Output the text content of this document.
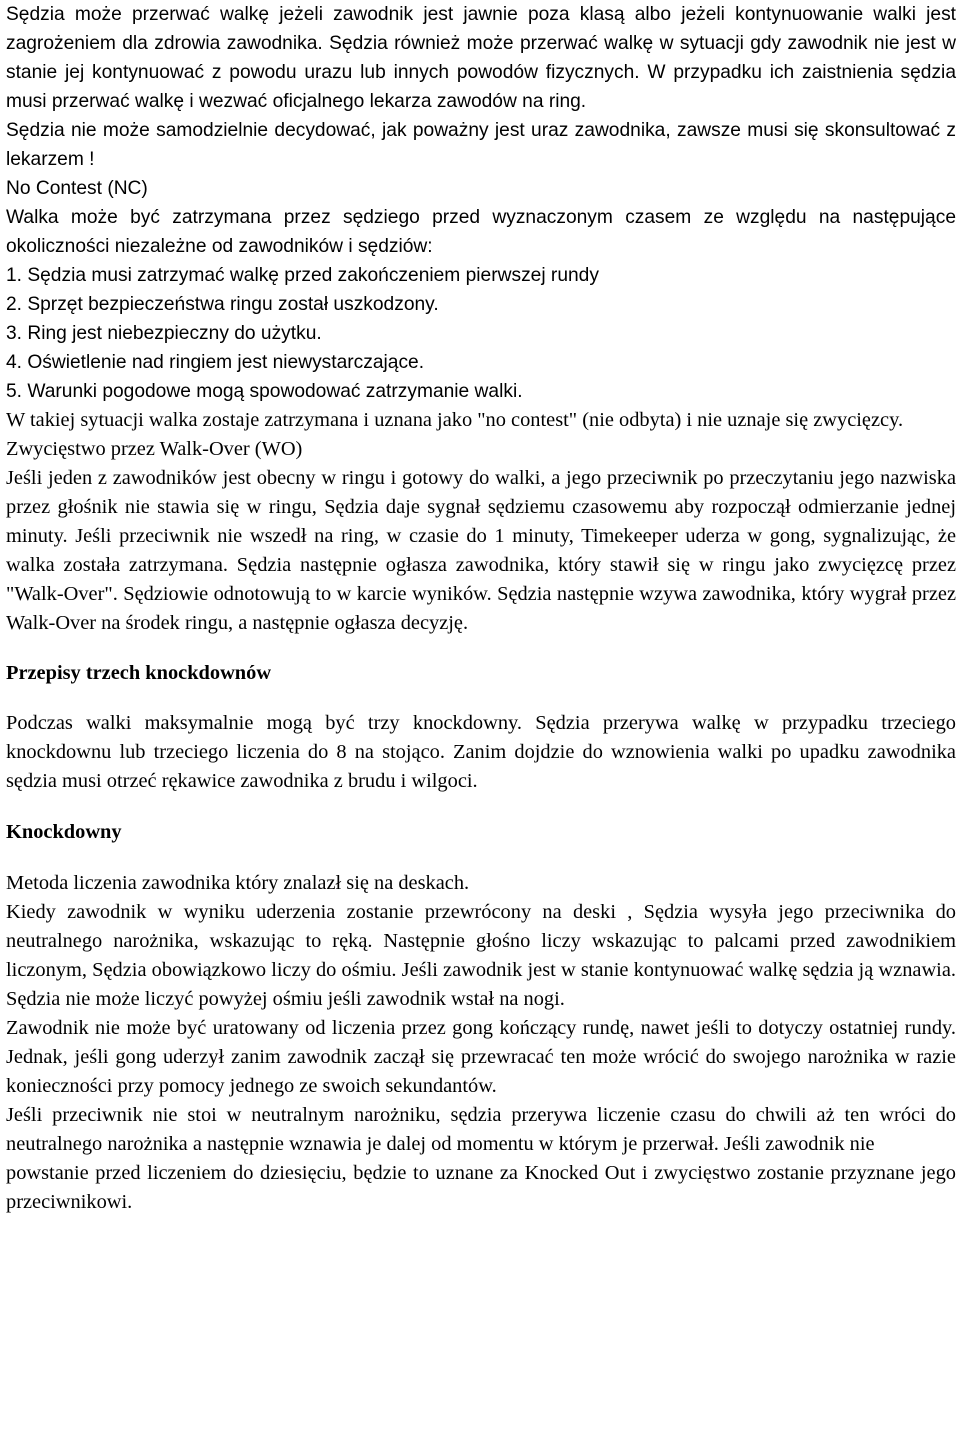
Sędzia może przerwać walkę jeżeli zawodnik jest jawnie poza klasą albo jeżeli kontynuowanie walki jest zagrożeniem dla zdrowia zawodnika. Sędzia również może przerwać walkę w sytuacji gdy zawodnik nie jest w stanie jej kontynuować z powodu urazu lub innych powodów fizycznych. W przypadku ich zaistnienia sędzia musi przerwać walkę i wezwać oficjalnego lekarza zawodów na ring.

Sędzia nie może samodzielnie decydować, jak poważny jest uraz zawodnika, zawsze musi się skonsultować z lekarzem !

No Contest (NC)

Walka może być zatrzymana przez sędziego przed wyznaczonym czasem ze względu na następujące okoliczności niezależne od zawodników i sędziów:

1. Sędzia musi zatrzymać walkę przed zakończeniem pierwszej rundy
2. Sprzęt bezpieczeństwa ringu został uszkodzony.
3. Ring jest niebezpieczny do użytku.
4. Oświetlenie nad ringiem jest niewystarczające.
5. Warunki pogodowe mogą spowodować zatrzymanie walki.

W takiej sytuacji walka zostaje zatrzymana i uznana jako "no contest" (nie odbyta) i nie uznaje się zwycięzcy.

Zwycięstwo przez Walk-Over (WO)

Jeśli jeden z zawodników jest obecny w ringu i gotowy do walki, a jego przeciwnik po przeczytaniu jego nazwiska przez głośnik nie stawia się w ringu, Sędzia daje sygnał sędziemu czasowemu aby rozpoczął odmierzanie jednej minuty. Jeśli przeciwnik nie wszedł na ring, w czasie do 1 minuty, Timekeeper uderza w gong, sygnalizując, że walka została zatrzymana. Sędzia następnie ogłasza zawodnika, który stawił się w ringu jako zwycięzcę przez "Walk-Over". Sędziowie odnotowują to w karcie wyników. Sędzia następnie wzywa zawodnika, który wygrał przez Walk-Over na środek ringu, a następnie ogłasza decyzję.

Przepisy trzech knockdownów

Podczas walki maksymalnie mogą być trzy knockdowny. Sędzia przerywa walkę w przypadku trzeciego knockdownu lub trzeciego liczenia do 8 na stojąco. Zanim dojdzie do wznowienia walki po upadku zawodnika sędzia musi otrzeć rękawice zawodnika z brudu i wilgoci.

Knockdowny

Metoda liczenia zawodnika który znalazł się na deskach.

Kiedy zawodnik w wyniku uderzenia zostanie przewrócony na deski , Sędzia wysyła jego przeciwnika do neutralnego narożnika, wskazując to ręką. Następnie głośno liczy wskazując to palcami przed zawodnikiem liczonym, Sędzia obowiązkowo liczy do ośmiu. Jeśli zawodnik jest w stanie kontynuować walkę sędzia ją wznawia. Sędzia nie może liczyć powyżej ośmiu jeśli zawodnik wstał na nogi.

Zawodnik nie może być uratowany od liczenia przez gong kończący rundę, nawet jeśli to dotyczy ostatniej rundy. Jednak, jeśli gong uderzył zanim zawodnik zaczął się przewracać ten może wrócić do swojego narożnika w razie konieczności przy pomocy jednego ze swoich sekundantów.

Jeśli przeciwnik nie stoi w neutralnym narożniku, sędzia przerywa liczenie czasu do chwili aż ten wróci do neutralnego narożnika a następnie wznawia je dalej od momentu w którym je przerwał. Jeśli zawodnik nie

powstanie przed liczeniem do dziesięciu, będzie to uznane za Knocked Out i zwycięstwo zostanie przyznane jego przeciwnikowi.
